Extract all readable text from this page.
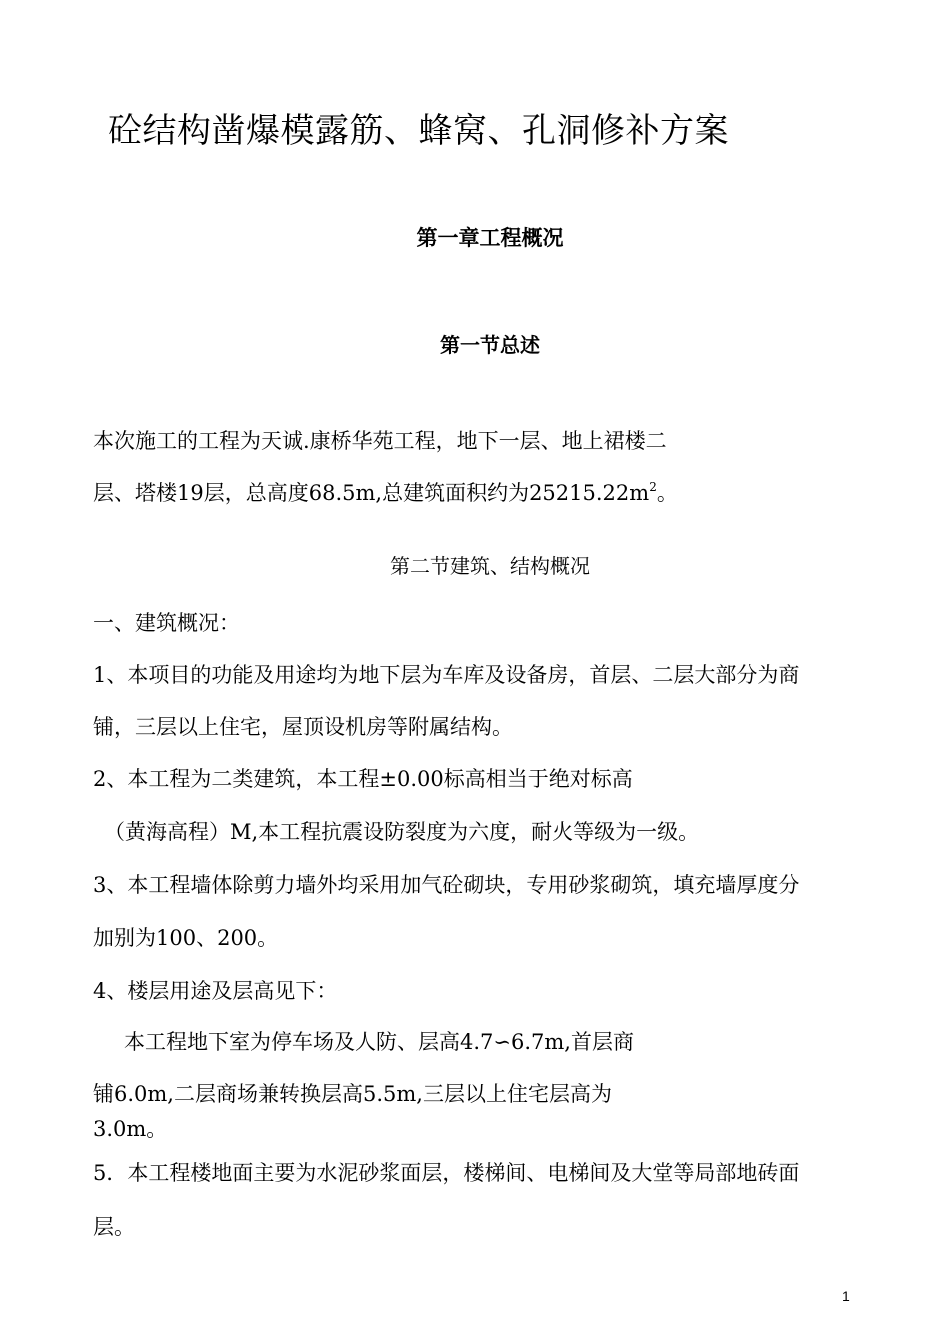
砼结构凿爆模露筋、蜂窝、孔洞修补方案
第一章工程概况
第一节总述
本次施工的工程为天诚.康桥华苑工程，地下一层、地上裙楼二
层、塔楼19层，总高度68.5m,总建筑面积约为$25215.22m^2$。
第二节建筑、结构概况
一、建筑概况：
1、本项目的功能及用途均为地下层为车库及设备房，首层、二层大部分为商
铺，三层以上住宅，屋顶设机房等附属结构。
2、本工程为二类建筑，本工程±0.00标高相当于绝对标高
（黄海高程）M,本工程抗震设防裂度为六度，耐火等级为一级。
3、本工程墙体除剪力墙外均采用加气砼砌块，专用砂浆砌筑，填充墙厚度分
加别为100、200。
4、楼层用途及层高见下：
本工程地下室为停车场及人防、层高4.7∽6.7m,首层商
铺6.0m,二层商场兼转换层高5.5m,三层以上住宅层高为
3.0m。
5．本工程楼地面主要为水泥砂浆面层，楼梯间、电梯间及大堂等局部地砖面
层。
1
